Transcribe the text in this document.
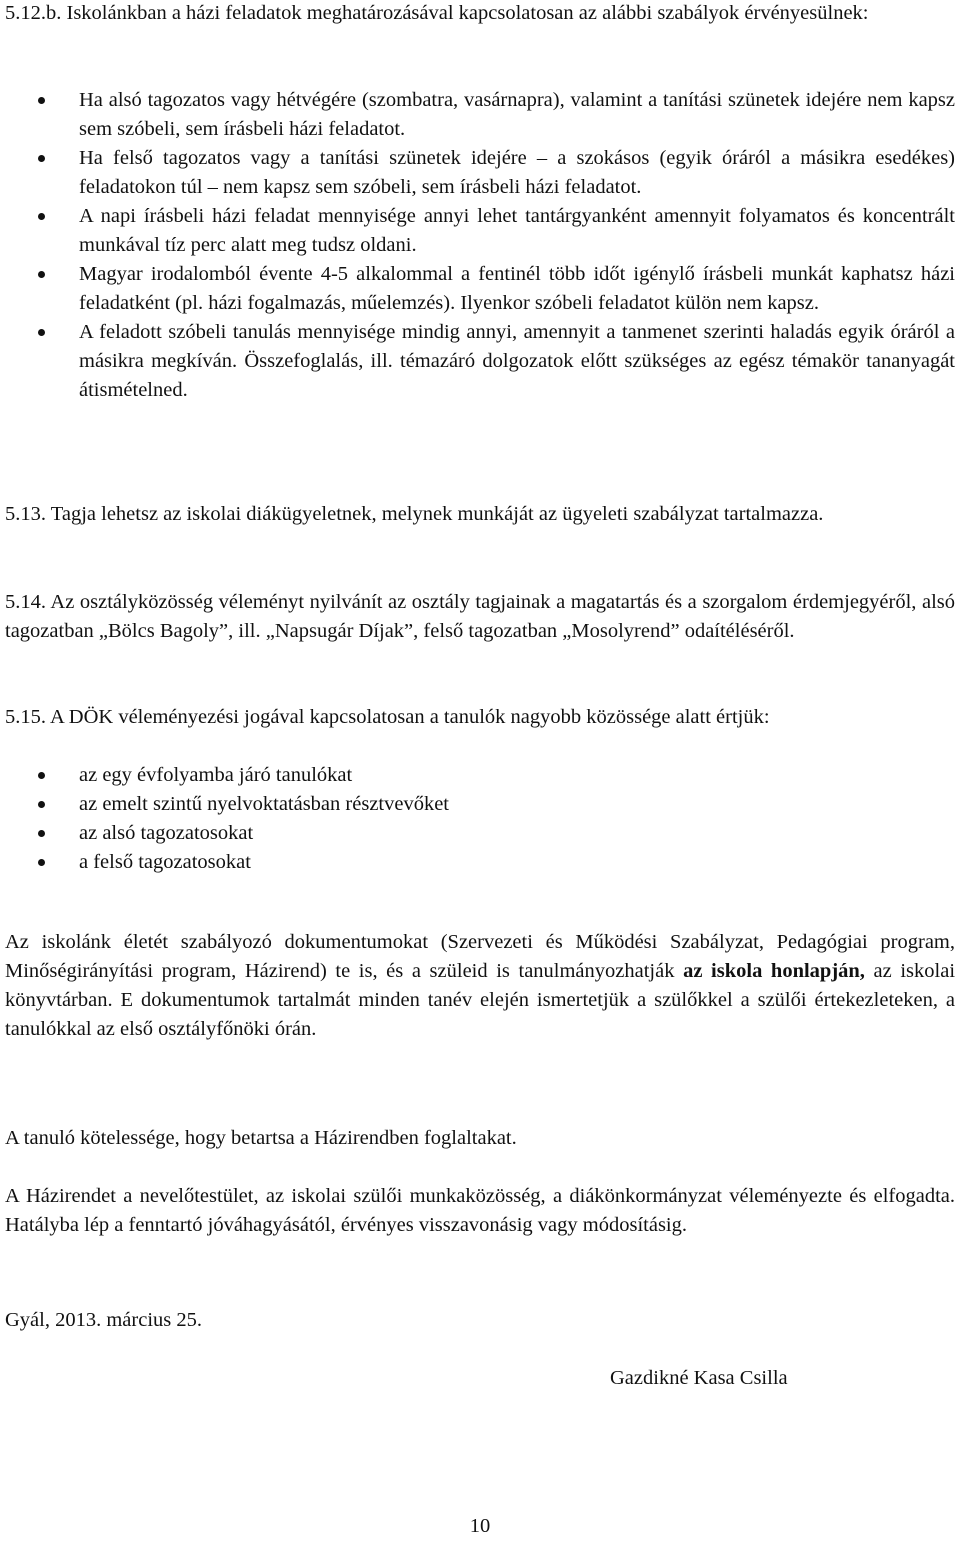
5.12.b. Iskolánkban a házi feladatok meghatározásával kapcsolatosan az alábbi szabályok érvényesülnek:
Ha alsó tagozatos vagy hétvégére (szombatra, vasárnapra), valamint a tanítási szünetek idejére nem kapsz sem szóbeli, sem írásbeli házi feladatot.
Ha felső tagozatos vagy a tanítási szünetek idejére – a szokásos (egyik óráról a másikra esedékes) feladatokon túl – nem kapsz sem szóbeli, sem írásbeli házi feladatot.
A napi írásbeli házi feladat mennyisége annyi lehet tantárgyanként amennyit folyamatos és koncentrált munkával tíz perc alatt meg tudsz oldani.
Magyar irodalomból évente 4-5 alkalommal a fentinél több időt igénylő írásbeli munkát kaphatsz házi feladatként (pl. házi fogalmazás, műelemzés). Ilyenkor szóbeli feladatot külön nem kapsz.
A feladott szóbeli tanulás mennyisége mindig annyi, amennyit a tanmenet szerinti haladás egyik óráról a másikra megkíván. Összefoglalás, ill. témazáró dolgozatok előtt szükséges az egész témakör tananyagát átismételned.
5.13. Tagja lehetsz az iskolai diákügyeletnek, melynek munkáját az ügyeleti szabályzat tartalmazza.
5.14. Az osztályközösség véleményt nyilvánít az osztály tagjainak a magatartás és a szorgalom érdemjegyéről, alsó tagozatban „Bölcs Bagoly”, ill. „Napsugár Díjak”, felső tagozatban „Mosolyrend” odaítéléséről.
5.15. A DÖK véleményezési jogával kapcsolatosan a tanulók nagyobb közössége alatt értjük:
az egy évfolyamba járó tanulókat
az emelt szintű nyelvoktatásban résztvevőket
az alsó tagozatosokat
a felső tagozatosokat
Az iskolánk életét szabályozó dokumentumokat (Szervezeti és Működési Szabályzat, Pedagógiai program, Minőségirányítási program, Házirend) te is, és a szüleid is tanulmányozhatják az iskola honlapján, az iskolai könyvtárban. E dokumentumok tartalmát minden tanév elején ismertetjük a szülőkkel a szülői értekezleteken, a tanulókkal az első osztályfőnöki órán.
A tanuló kötelessége, hogy betartsa a Házirendben foglaltakat.
A Házirendet a nevelőtestület, az iskolai szülői munkaközösség, a diákönkormányzat véleményezte és elfogadta. Hatályba lép a fenntartó jóváhagyásától, érvényes visszavonásig vagy módosításig.
Gyál, 2013. március 25.
Gazdikné Kasa Csilla
10
